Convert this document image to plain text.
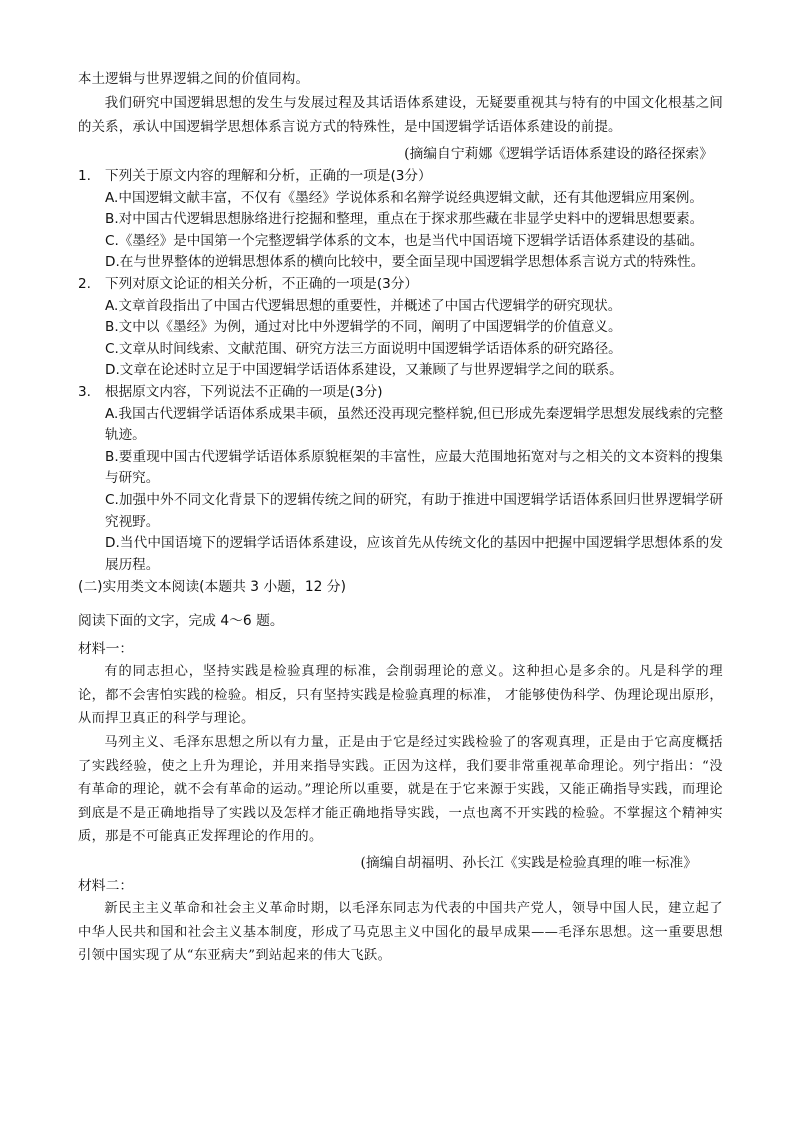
本土逻辑与世界逻辑之间的价值同构。

我们研究中国逻辑思想的发生与发展过程及其话语体系建设，无疑要重视其与特有的中国文化根基之间的关系，承认中国逻辑学思想体系言说方式的特殊性，是中国逻辑学话语体系建设的前提。

(摘编自宁莉娜《逻辑学话语体系建设的路径探索》

1. 下列关于原文内容的理解和分析，正确的一项是(3分）

A.中国逻辑文献丰富，不仅有《墨经》学说体系和名辩学说经典逻辑文献，还有其他逻辑应用案例。

B.对中国古代逻辑思想脉络进行挖掘和整理，重点在于探求那些藏在非显学史料中的逻辑思想要素。

C.《墨经》是中国第一个完整逻辑学体系的文本，也是当代中国语境下逻辑学话语体系建设的基础。

D.在与世界整体的逆辑思想体系的横向比较中，要全面呈现中国逻辑学思想体系言说方式的特殊性。

2. 下列对原文论证的相关分析，不正确的一项是(3分）

A.文章首段指出了中国古代逻辑思想的重要性，并概述了中国古代逻辑学的研究现状。

B.文中以《墨经》为例，通过对比中外逻辑学的不同，阐明了中国逻辑学的价值意义。

C.文章从时间线索、文献范围、研究方法三方面说明中国逻辑学话语体系的研究路径。

D.文章在论述时立足于中国逻辑学话语体系建设，又兼顾了与世界逻辑学之间的联系。

3. 根据原文内容，下列说法不正确的一项是(3分)

A.我国古代逻辑学话语体系成果丰硕，虽然还没再现完整样貌,但已形成先秦逻辑学思想发展线索的完整轨迹。

B.要重现中国古代逻辑学话语体系原貌框架的丰富性，应最大范围地拓宽对与之相关的文本资料的搜集与研究。

C.加强中外不同文化背景下的逻辑传统之间的研究，有助于推进中国逻辑学话语体系回归世界逻辑学研究视野。

D.当代中国语境下的逻辑学话语体系建设，应该首先从传统文化的基因中把握中国逻辑学思想体系的发展历程。

(二)实用类文本阅读(本题共 3 小题，12 分)

阅读下面的文字，完成 4～6 题。

材料一：

有的同志担心，坚持实践是检验真理的标准，会削弱理论的意义。这种担心是多余的。凡是科学的理论，都不会害怕实践的检验。相反，只有坚持实践是检验真理的标准， 才能够使伪科学、伪理论现出原形，从而捍卫真正的科学与理论。

马列主义、毛泽东思想之所以有力量，正是由于它是经过实践检验了的客观真理，正是由于它高度概括了实践经验，使之上升为理论，并用来指导实践。正因为这样，我们要非常重视革命理论。列宁指出：“没有革命的理论，就不会有革命的运动。”理论所以重要，就是在于它来源于实践，又能正确指导实践，而理论到底是不是正确地指导了实践以及怎样才能正确地指导实践，一点也离不开实践的检验。不掌握这个精神实质，那是不可能真正发挥理论的作用的。

(摘编自胡福明、孙长江《实践是检验真理的唯一标准》

材料二：

新民主主义革命和社会主义革命时期，以毛泽东同志为代表的中国共产党人，领导中国人民，建立起了中华人民共和国和社会主义基本制度，形成了马克思主义中国化的最早成果——毛泽东思想。这一重要思想引领中国实现了从“东亚病夫”到站起来的伟大飞跃。
